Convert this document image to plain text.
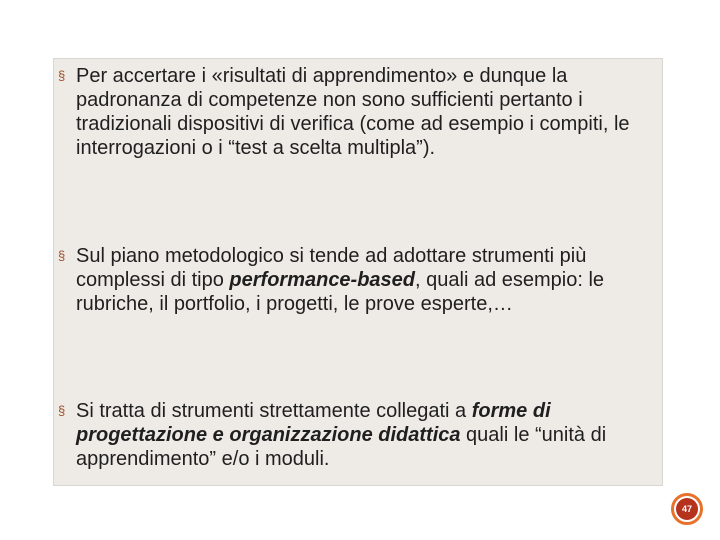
§ Per accertare i «risultati di apprendimento» e dunque la padronanza di competenze non sono sufficienti pertanto i tradizionali dispositivi di verifica (come ad esempio i compiti, le interrogazioni o i “test a scelta multipla”).
§ Sul piano metodologico si tende ad adottare strumenti più complessi di tipo performance-based, quali ad esempio: le rubriche, il portfolio, i progetti, le prove esperte,…
§ Si tratta di strumenti strettamente collegati a forme di progettazione e organizzazione didattica quali le “unità di apprendimento” e/o i moduli.
47
